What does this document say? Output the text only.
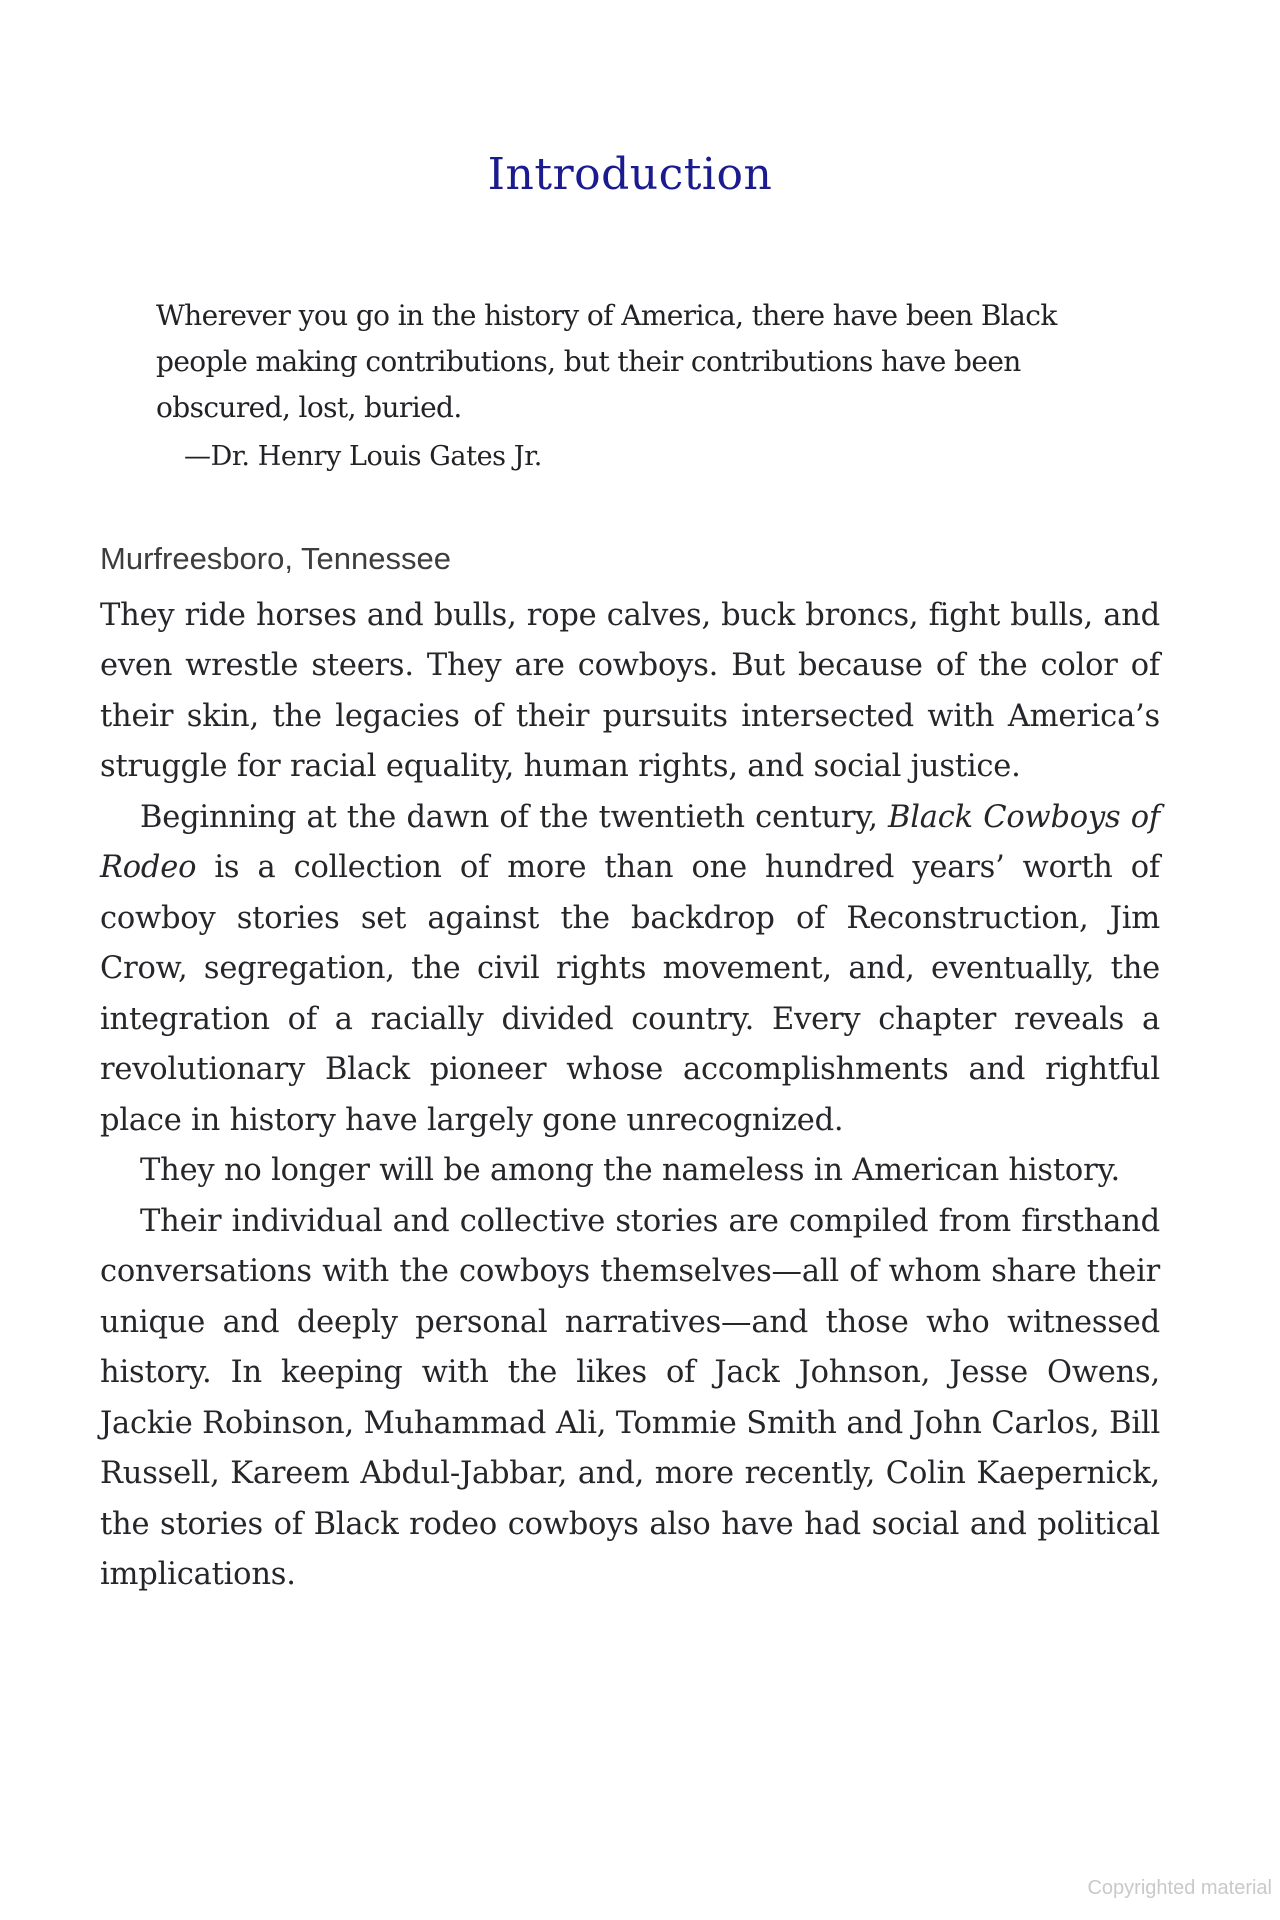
Introduction
Wherever you go in the history of America, there have been Black people making contributions, but their contributions have been obscured, lost, buried.
—Dr. Henry Louis Gates Jr.
Murfreesboro, Tennessee

They ride horses and bulls, rope calves, buck broncs, fight bulls, and even wrestle steers. They are cowboys. But because of the color of their skin, the legacies of their pursuits intersected with America’s struggle for racial equality, human rights, and social justice.

Beginning at the dawn of the twentieth century, Black Cowboys of Rodeo is a collection of more than one hundred years’ worth of cowboy stories set against the backdrop of Reconstruction, Jim Crow, segregation, the civil rights movement, and, eventually, the integration of a racially divided country. Every chapter reveals a revolutionary Black pioneer whose accomplishments and rightful place in history have largely gone unrecognized.

They no longer will be among the nameless in American history.

Their individual and collective stories are compiled from firsthand conversations with the cowboys themselves—all of whom share their unique and deeply personal narratives—and those who witnessed history. In keeping with the likes of Jack Johnson, Jesse Owens, Jackie Robinson, Muhammad Ali, Tommie Smith and John Carlos, Bill Russell, Kareem Abdul-Jabbar, and, more recently, Colin Kaepernick, the stories of Black rodeo cowboys also have had social and political implications.

Copyrighted material
